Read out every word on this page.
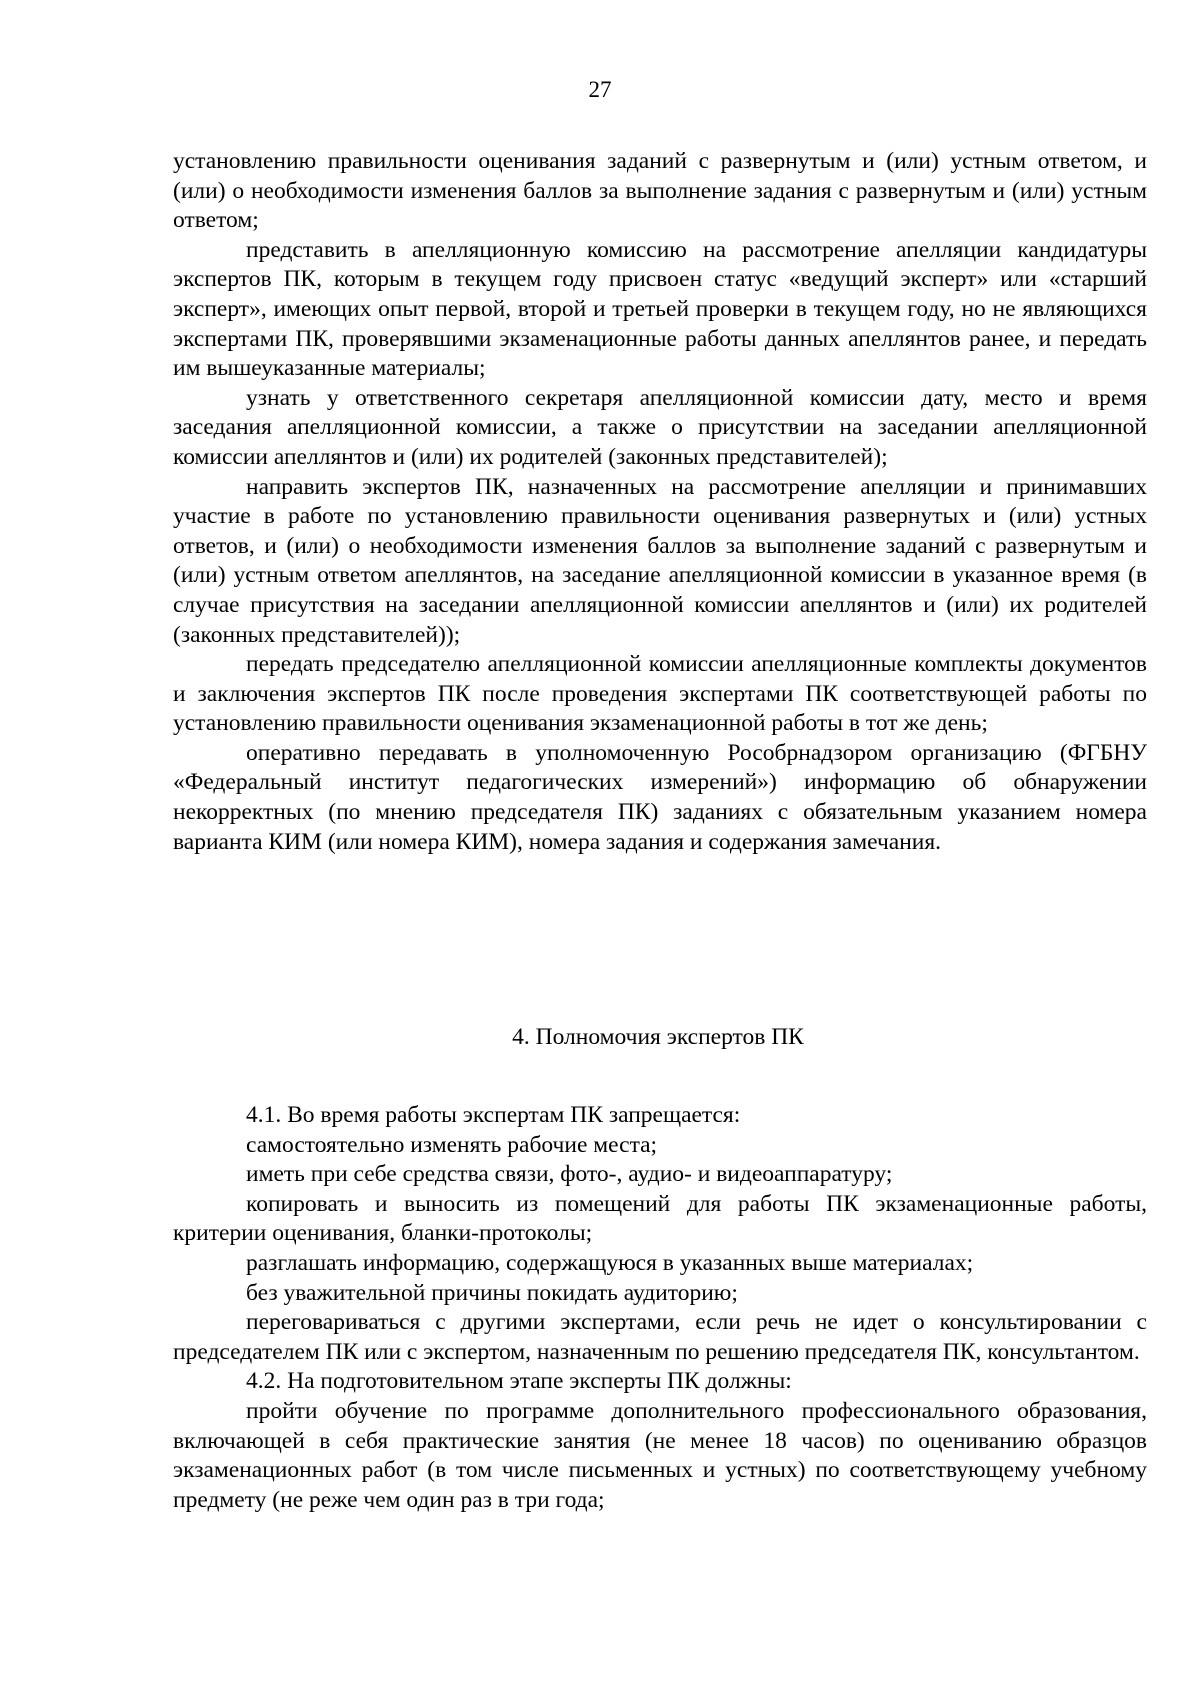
27

установлению правильности оценивания заданий с развернутым и (или) устным ответом, и (или) о необходимости изменения баллов за выполнение задания с развернутым и (или) устным ответом;

представить в апелляционную комиссию на рассмотрение апелляции кандидатуры экспертов ПК, которым в текущем году присвоен статус «ведущий эксперт» или «старший эксперт», имеющих опыт первой, второй и третьей проверки в текущем году, но не являющихся экспертами ПК, проверявшими экзаменационные работы данных апеллянтов ранее, и передать им вышеуказанные материалы;

узнать у ответственного секретаря апелляционной комиссии дату, место и время заседания апелляционной комиссии, а также о присутствии на заседании апелляционной комиссии апеллянтов и (или) их родителей (законных представителей);

направить экспертов ПК, назначенных на рассмотрение апелляции и принимавших участие в работе по установлению правильности оценивания развернутых и (или) устных ответов, и (или) о необходимости изменения баллов за выполнение заданий с развернутым и (или) устным ответом апеллянтов, на заседание апелляционной комиссии в указанное время (в случае присутствия на заседании апелляционной комиссии апеллянтов и (или) их родителей (законных представителей));

передать председателю апелляционной комиссии апелляционные комплекты документов и заключения экспертов ПК после проведения экспертами ПК соответствующей работы по установлению правильности оценивания экзаменационной работы в тот же день;

оперативно передавать в уполномоченную Рособрнадзором организацию (ФГБНУ «Федеральный институт педагогических измерений») информацию об обнаружении некорректных (по мнению председателя ПК) заданиях с обязательным указанием номера варианта КИМ (или номера КИМ), номера задания и содержания замечания.

4. Полномочия экспертов ПК

4.1. Во время работы экспертам ПК запрещается:

самостоятельно изменять рабочие места;

иметь при себе средства связи, фото-, аудио- и видеоаппаратуру;

копировать и выносить из помещений для работы ПК экзаменационные работы, критерии оценивания, бланки-протоколы;

разглашать информацию, содержащуюся в указанных выше материалах;

без уважительной причины покидать аудиторию;

переговариваться с другими экспертами, если речь не идет о консультировании с председателем ПК или с экспертом, назначенным по решению председателя ПК, консультантом.

4.2. На подготовительном этапе эксперты ПК должны:

пройти обучение по программе дополнительного профессионального образования, включающей в себя практические занятия (не менее 18 часов) по оцениванию образцов экзаменационных работ (в том числе письменных и устных) по соответствующему учебному предмету (не реже чем один раз в три года;
